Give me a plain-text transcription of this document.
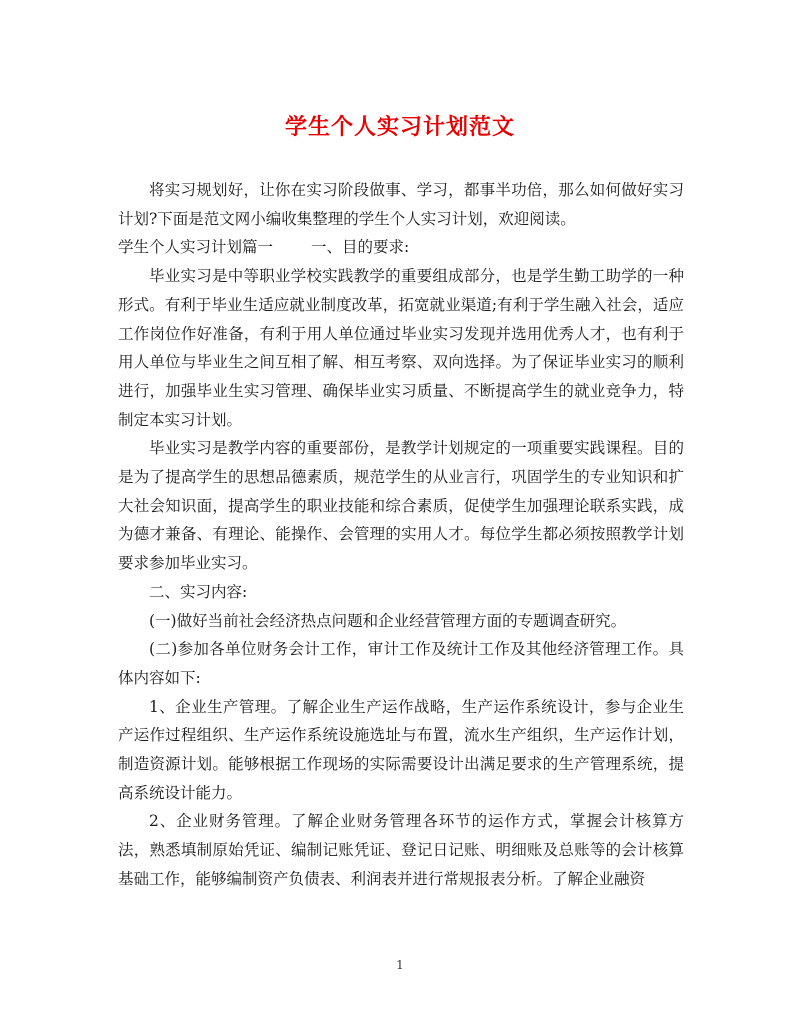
学生个人实习计划范文

将实习规划好，让你在实习阶段做事、学习，都事半功倍，那么如何做好实习计划?下面是范文网小编收集整理的学生个人实习计划，欢迎阅读。

学生个人实习计划篇一 一、目的要求:

毕业实习是中等职业学校实践教学的重要组成部分，也是学生勤工助学的一种形式。有利于毕业生适应就业制度改革，拓宽就业渠道;有利于学生融入社会，适应工作岗位作好准备，有利于用人单位通过毕业实习发现并选用优秀人才，也有利于用人单位与毕业生之间互相了解、相互考察、双向选择。为了保证毕业实习的顺利进行，加强毕业生实习管理、确保毕业实习质量、不断提高学生的就业竞争力，特制定本实习计划。

毕业实习是教学内容的重要部份，是教学计划规定的一项重要实践课程。目的是为了提高学生的思想品德素质，规范学生的从业言行，巩固学生的专业知识和扩大社会知识面，提高学生的职业技能和综合素质，促使学生加强理论联系实践，成为德才兼备、有理论、能操作、会管理的实用人才。每位学生都必须按照教学计划要求参加毕业实习。

二、实习内容:

(一)做好当前社会经济热点问题和企业经营管理方面的专题调查研究。

(二)参加各单位财务会计工作，审计工作及统计工作及其他经济管理工作。具体内容如下:

1、企业生产管理。了解企业生产运作战略，生产运作系统设计，参与企业生产运作过程组织、生产运作系统设施选址与布置，流水生产组织，生产运作计划，制造资源计划。能够根据工作现场的实际需要设计出满足要求的生产管理系统，提高系统设计能力。

2、企业财务管理。了解企业财务管理各环节的运作方式，掌握会计核算方法，熟悉填制原始凭证、编制记账凭证、登记日记账、明细账及总账等的会计核算基础工作，能够编制资产负债表、利润表并进行常规报表分析。了解企业融资

1
